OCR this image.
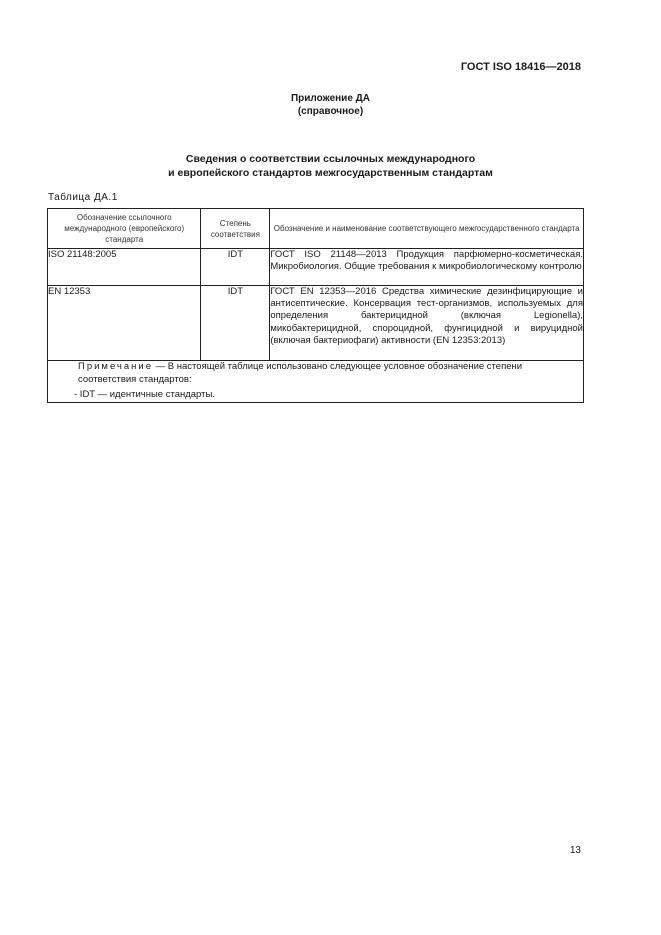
ГОСТ ISO 18416—2018
Приложение ДА
(справочное)
Сведения о соответствии ссылочных международного
и европейского стандартов межгосударственным стандартам
Таблица ДА.1
Обозначение ссылочного международного (европейского) стандарта	Степень соответствия	Обозначение и наименование соответствующего межгосударственного стандарта
ISO 21148:2005	IDT	ГОСТ ISO 21148—2013 Продукция парфюмерно-косметическая. Микробиология. Общие требования к микробиологическому контролю
EN 12353	IDT	ГОСТ EN 12353—2016 Средства химические дезинфицирующие и антисептические. Консервация тест-организмов, используемых для определения бактерицидной (включая Legionella), микобактерицидной, спороцидной, фунгицидной и вируцидной (включая бактериофаги) активности (EN 12353:2013)

Примечание — В настоящей таблице использовано следующее условное обозначение степени соответствия стандартов:
- IDT — идентичные стандарты.		
13
